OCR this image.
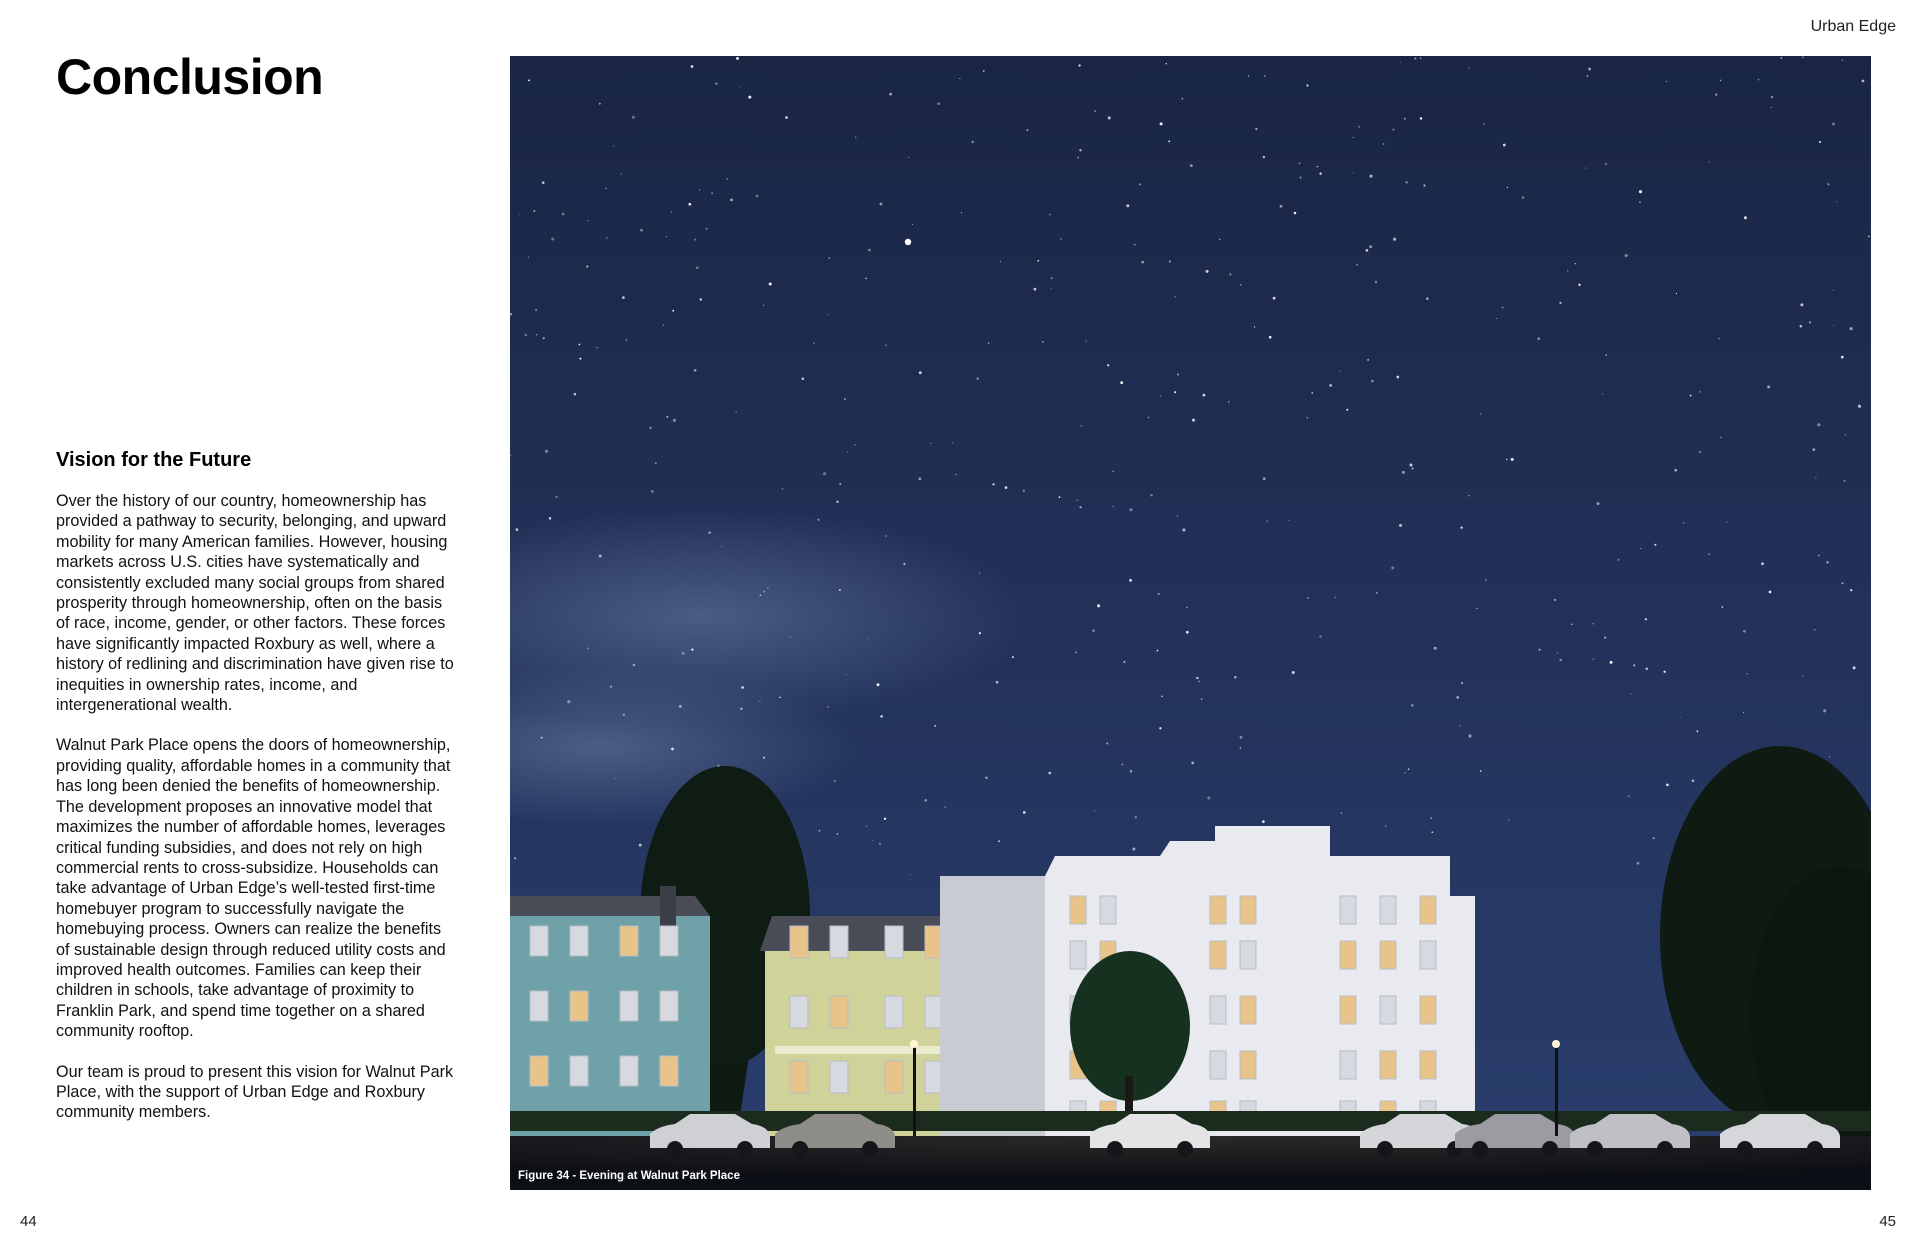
Urban Edge
Conclusion
Vision for the Future

Over the history of our country, homeownership has provided a pathway to security, belonging, and upward mobility for many American families. However, housing markets across U.S. cities have systematically and consistently excluded many social groups from shared prosperity through homeownership, often on the basis of race, income, gender, or other factors. These forces have significantly impacted Roxbury as well, where a history of redlining and discrimination have given rise to inequities in ownership rates, income, and intergenerational wealth.

Walnut Park Place opens the doors of homeownership, providing quality, affordable homes in a community that has long been denied the benefits of homeownership. The development proposes an innovative model that maximizes the number of affordable homes, leverages critical funding subsidies, and does not rely on high commercial rents to cross-subsidize. Households can take advantage of Urban Edge’s well-tested first-time homebuyer program to successfully navigate the homebuying process. Owners can realize the benefits of sustainable design through reduced utility costs and improved health outcomes. Families can keep their children in schools, take advantage of proximity to Franklin Park, and spend time together on a shared community rooftop.

Our team is proud to present this vision for Walnut Park Place, with the support of Urban Edge and Roxbury community members.

Figure 34 - Evening at Walnut Park Place
44	45
